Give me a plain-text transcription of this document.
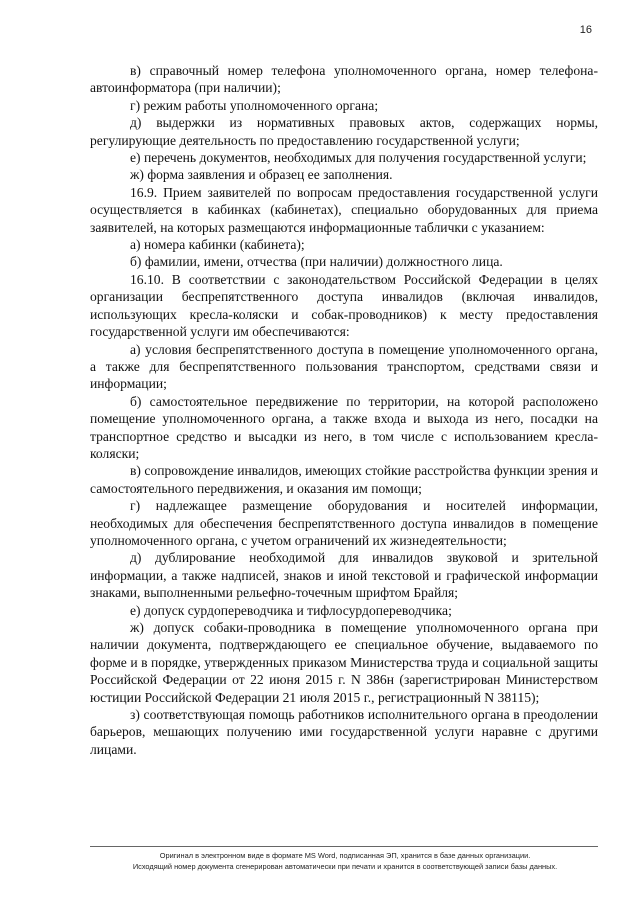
16

в) справочный номер телефона уполномоченного органа, номер телефона-автоинформатора (при наличии);

г) режим работы уполномоченного органа;

д) выдержки из нормативных правовых актов, содержащих нормы, регулирующие деятельность по предоставлению государственной услуги;

е) перечень документов, необходимых для получения государственной услуги;

ж) форма заявления и образец ее заполнения.

16.9. Прием заявителей по вопросам предоставления государственной услуги осуществляется в кабинках (кабинетах), специально оборудованных для приема заявителей, на которых размещаются информационные таблички с указанием:

а) номера кабинки (кабинета);

б) фамилии, имени, отчества (при наличии) должностного лица.

16.10. В соответствии с законодательством Российской Федерации в целях организации беспрепятственного доступа инвалидов (включая инвалидов, использующих кресла-коляски и собак-проводников) к месту предоставления государственной услуги им обеспечиваются:

а) условия беспрепятственного доступа в помещение уполномоченного органа, а также для беспрепятственного пользования транспортом, средствами связи и информации;

б) самостоятельное передвижение по территории, на которой расположено помещение уполномоченного органа, а также входа и выхода из него, посадки на транспортное средство и высадки из него, в том числе с использованием кресла-коляски;

в) сопровождение инвалидов, имеющих стойкие расстройства функции зрения и самостоятельного передвижения, и оказания им помощи;

г) надлежащее размещение оборудования и носителей информации, необходимых для обеспечения беспрепятственного доступа инвалидов в помещение уполномоченного органа, с учетом ограничений их жизнедеятельности;

д) дублирование необходимой для инвалидов звуковой и зрительной информации, а также надписей, знаков и иной текстовой и графической информации знаками, выполненными рельефно-точечным шрифтом Брайля;

е) допуск сурдопереводчика и тифлосурдопереводчика;

ж) допуск собаки-проводника в помещение уполномоченного органа при наличии документа, подтверждающего ее специальное обучение, выдаваемого по форме и в порядке, утвержденных приказом Министерства труда и социальной защиты Российской Федерации от 22 июня 2015 г. N 386н (зарегистрирован Министерством юстиции Российской Федерации 21 июля 2015 г., регистрационный N 38115);

з) соответствующая помощь работников исполнительного органа в преодолении барьеров, мешающих получению ими государственной услуги наравне с другими лицами.

Оригинал в электронном виде в формате MS Word, подписанная ЭП, хранится в базе данных организации.
Исходящий номер документа сгенерирован автоматически при печати и хранится в соответствующей записи базы данных.
